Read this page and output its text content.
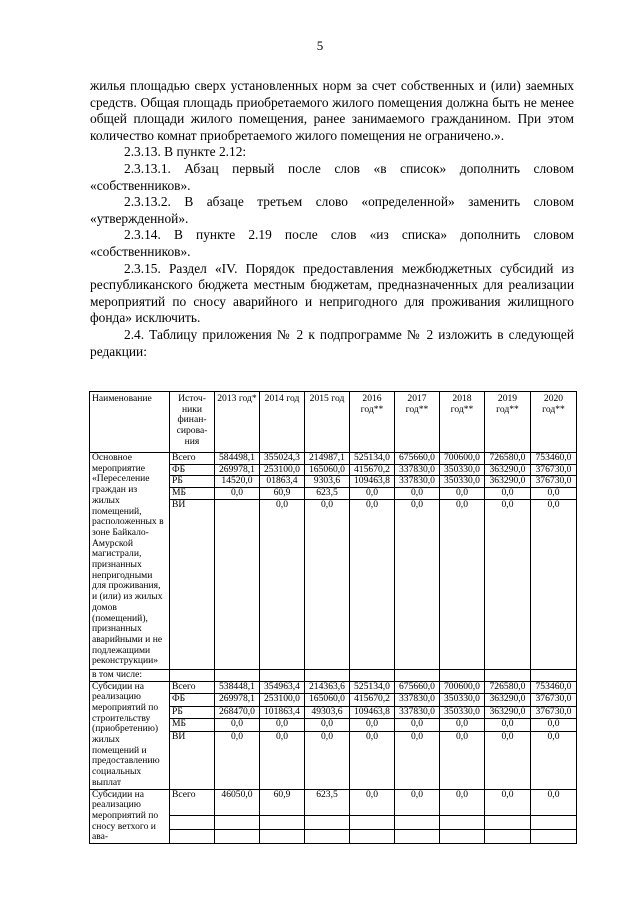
5

жилья площадью сверх установленных норм за счет собственных и (или) заемных средств. Общая площадь приобретаемого жилого помещения должна быть не менее общей площади жилого помещения, ранее занимаемого гражданином. При этом количество комнат приобретаемого жилого помещения не ограничено.».

2.3.13. В пункте 2.12:

2.3.13.1. Абзац первый после слов «в список» дополнить словом «собственников».

2.3.13.2. В абзаце третьем слово «определенной» заменить словом «утвержденной».

2.3.14. В пункте 2.19 после слов «из списка» дополнить словом «собственников».

2.3.15. Раздел «IV. Порядок предоставления межбюджетных субсидий из республиканского бюджета местным бюджетам, предназначенных для реализации мероприятий по сносу аварийного и непригодного для проживания жилищного фонда» исключить.

2.4. Таблицу приложения № 2 к подпрограмме № 2 изложить в следующей редакции:

Наименование	Источ-ники финан-сирова-ния	2013 год*	2014 год	2015 год	2016 год**	2017 год**	2018 год**	2019 год**	2020 год**
Основное мероприятие «Переселение граждан из жилых помещений, расположенных в зоне Байкало-Амурской магистрали, признанных непригодными для проживания, и (или) из жилых домов (помещений), признанных аварийными и не подлежащими реконструкции»	Всего	584498,1	355024,3	214987,1	525134,0	675660,0	700600,0	726580,0	753460,0
	ФБ	269978,1	253100,0	165060,0	415670,2	337830,0	350330,0	363290,0	376730,0
	РБ	14520,0	01863,4	9303,6	109463,8	337830,0	350330,0	363290,0	376730,0
	МБ	0,0	60,9	623,5	0,0	0,0	0,0	0,0	0,0
	ВИ		0,0	0,0	0,0	0,0	0,0	0,0	0,0
в том числе:									
Субсидии на реализацию мероприятий по строительству (приобретению) жилых помещений и предоставлению социальных выплат	Всего	538448,1	354963,4	214363,6	525134,0	675660,0	700600,0	726580,0	753460,0
	ФБ	269978,1	253100,0	165060,0	415670,2	337830,0	350330,0	363290,0	376730,0
	РБ	268470,0	101863,4	49303,6	109463,8	337830,0	350330,0	363290,0	376730,0
	МБ	0,0	0,0	0,0	0,0	0,0	0,0	0,0	0,0
	ВИ	0,0	0,0	0,0	0,0	0,0	0,0	0,0	0,0
Субсидии на реализацию мероприятий по сносу ветхого и ава-	Всего	46050,0	60,9	623,5	0,0	0,0	0,0	0,0	0,0
